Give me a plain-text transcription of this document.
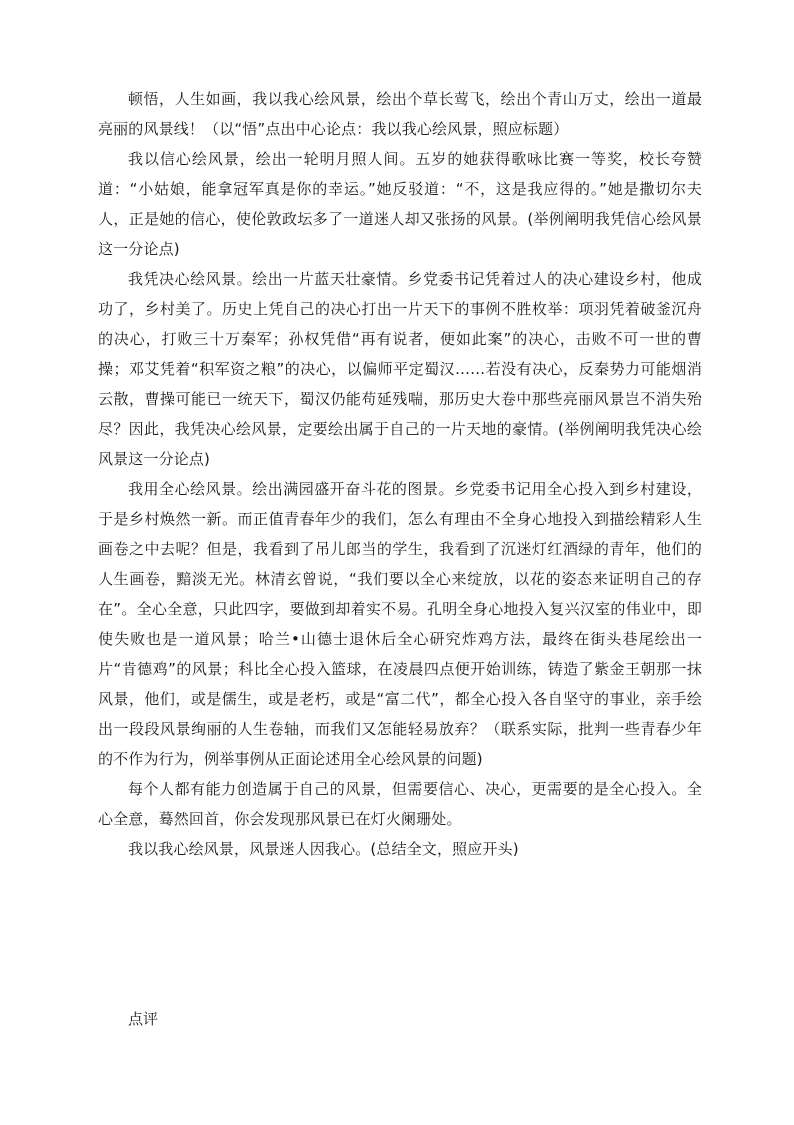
顿悟，人生如画，我以我心绘风景，绘出个草长莺飞，绘出个青山万丈，绘出一道最亮丽的风景线！（以“悟”点出中心论点：我以我心绘风景，照应标题）

我以信心绘风景，绘出一轮明月照人间。五岁的她获得歌咏比赛一等奖，校长夸赞道：“小姑娘，能拿冠军真是你的幸运。”她反驳道：“不，这是我应得的。”她是撒切尔夫人，正是她的信心，使伦敦政坛多了一道迷人却又张扬的风景。(举例阐明我凭信心绘风景这一分论点)

我凭决心绘风景。绘出一片蓝天壮豪情。乡党委书记凭着过人的决心建设乡村，他成功了，乡村美了。历史上凭自己的决心打出一片天下的事例不胜枚举：项羽凭着破釜沉舟的决心，打败三十万秦军；孙权凭借“再有说者，便如此案”的决心，击败不可一世的曹操；邓艾凭着“积军资之粮”的决心，以偏师平定蜀汉……若没有决心，反秦势力可能烟消云散，曹操可能已一统天下，蜀汉仍能苟延残喘，那历史大卷中那些亮丽风景岂不消失殆尽？因此，我凭决心绘风景，定要绘出属于自己的一片天地的豪情。(举例阐明我凭决心绘风景这一分论点)

我用全心绘风景。绘出满园盛开奋斗花的图景。乡党委书记用全心投入到乡村建设，于是乡村焕然一新。而正值青春年少的我们，怎么有理由不全身心地投入到描绘精彩人生画卷之中去呢？但是，我看到了吊儿郎当的学生，我看到了沉迷灯红酒绿的青年，他们的人生画卷，黯淡无光。林清玄曾说，“我们要以全心来绽放，以花的姿态来证明自己的存在”。全心全意，只此四字，要做到却着实不易。孔明全身心地投入复兴汉室的伟业中，即使失败也是一道风景；哈兰•山德士退休后全心研究炸鸡方法，最终在街头巷尾绘出一片“肯德鸡”的风景；科比全心投入篮球，在凌晨四点便开始训练，铸造了紫金王朝那一抹风景，他们，或是儒生，或是老朽，或是“富二代”，都全心投入各自坚守的事业，亲手绘出一段段风景绚丽的人生卷轴，而我们又怎能轻易放弃？（联系实际，批判一些青春少年的不作为行为，例举事例从正面论述用全心绘风景的问题)

每个人都有能力创造属于自己的风景，但需要信心、决心，更需要的是全心投入。全心全意，蓦然回首，你会发现那风景已在灯火阑珊处。

我以我心绘风景，风景迷人因我心。(总结全文，照应开头)

点评
